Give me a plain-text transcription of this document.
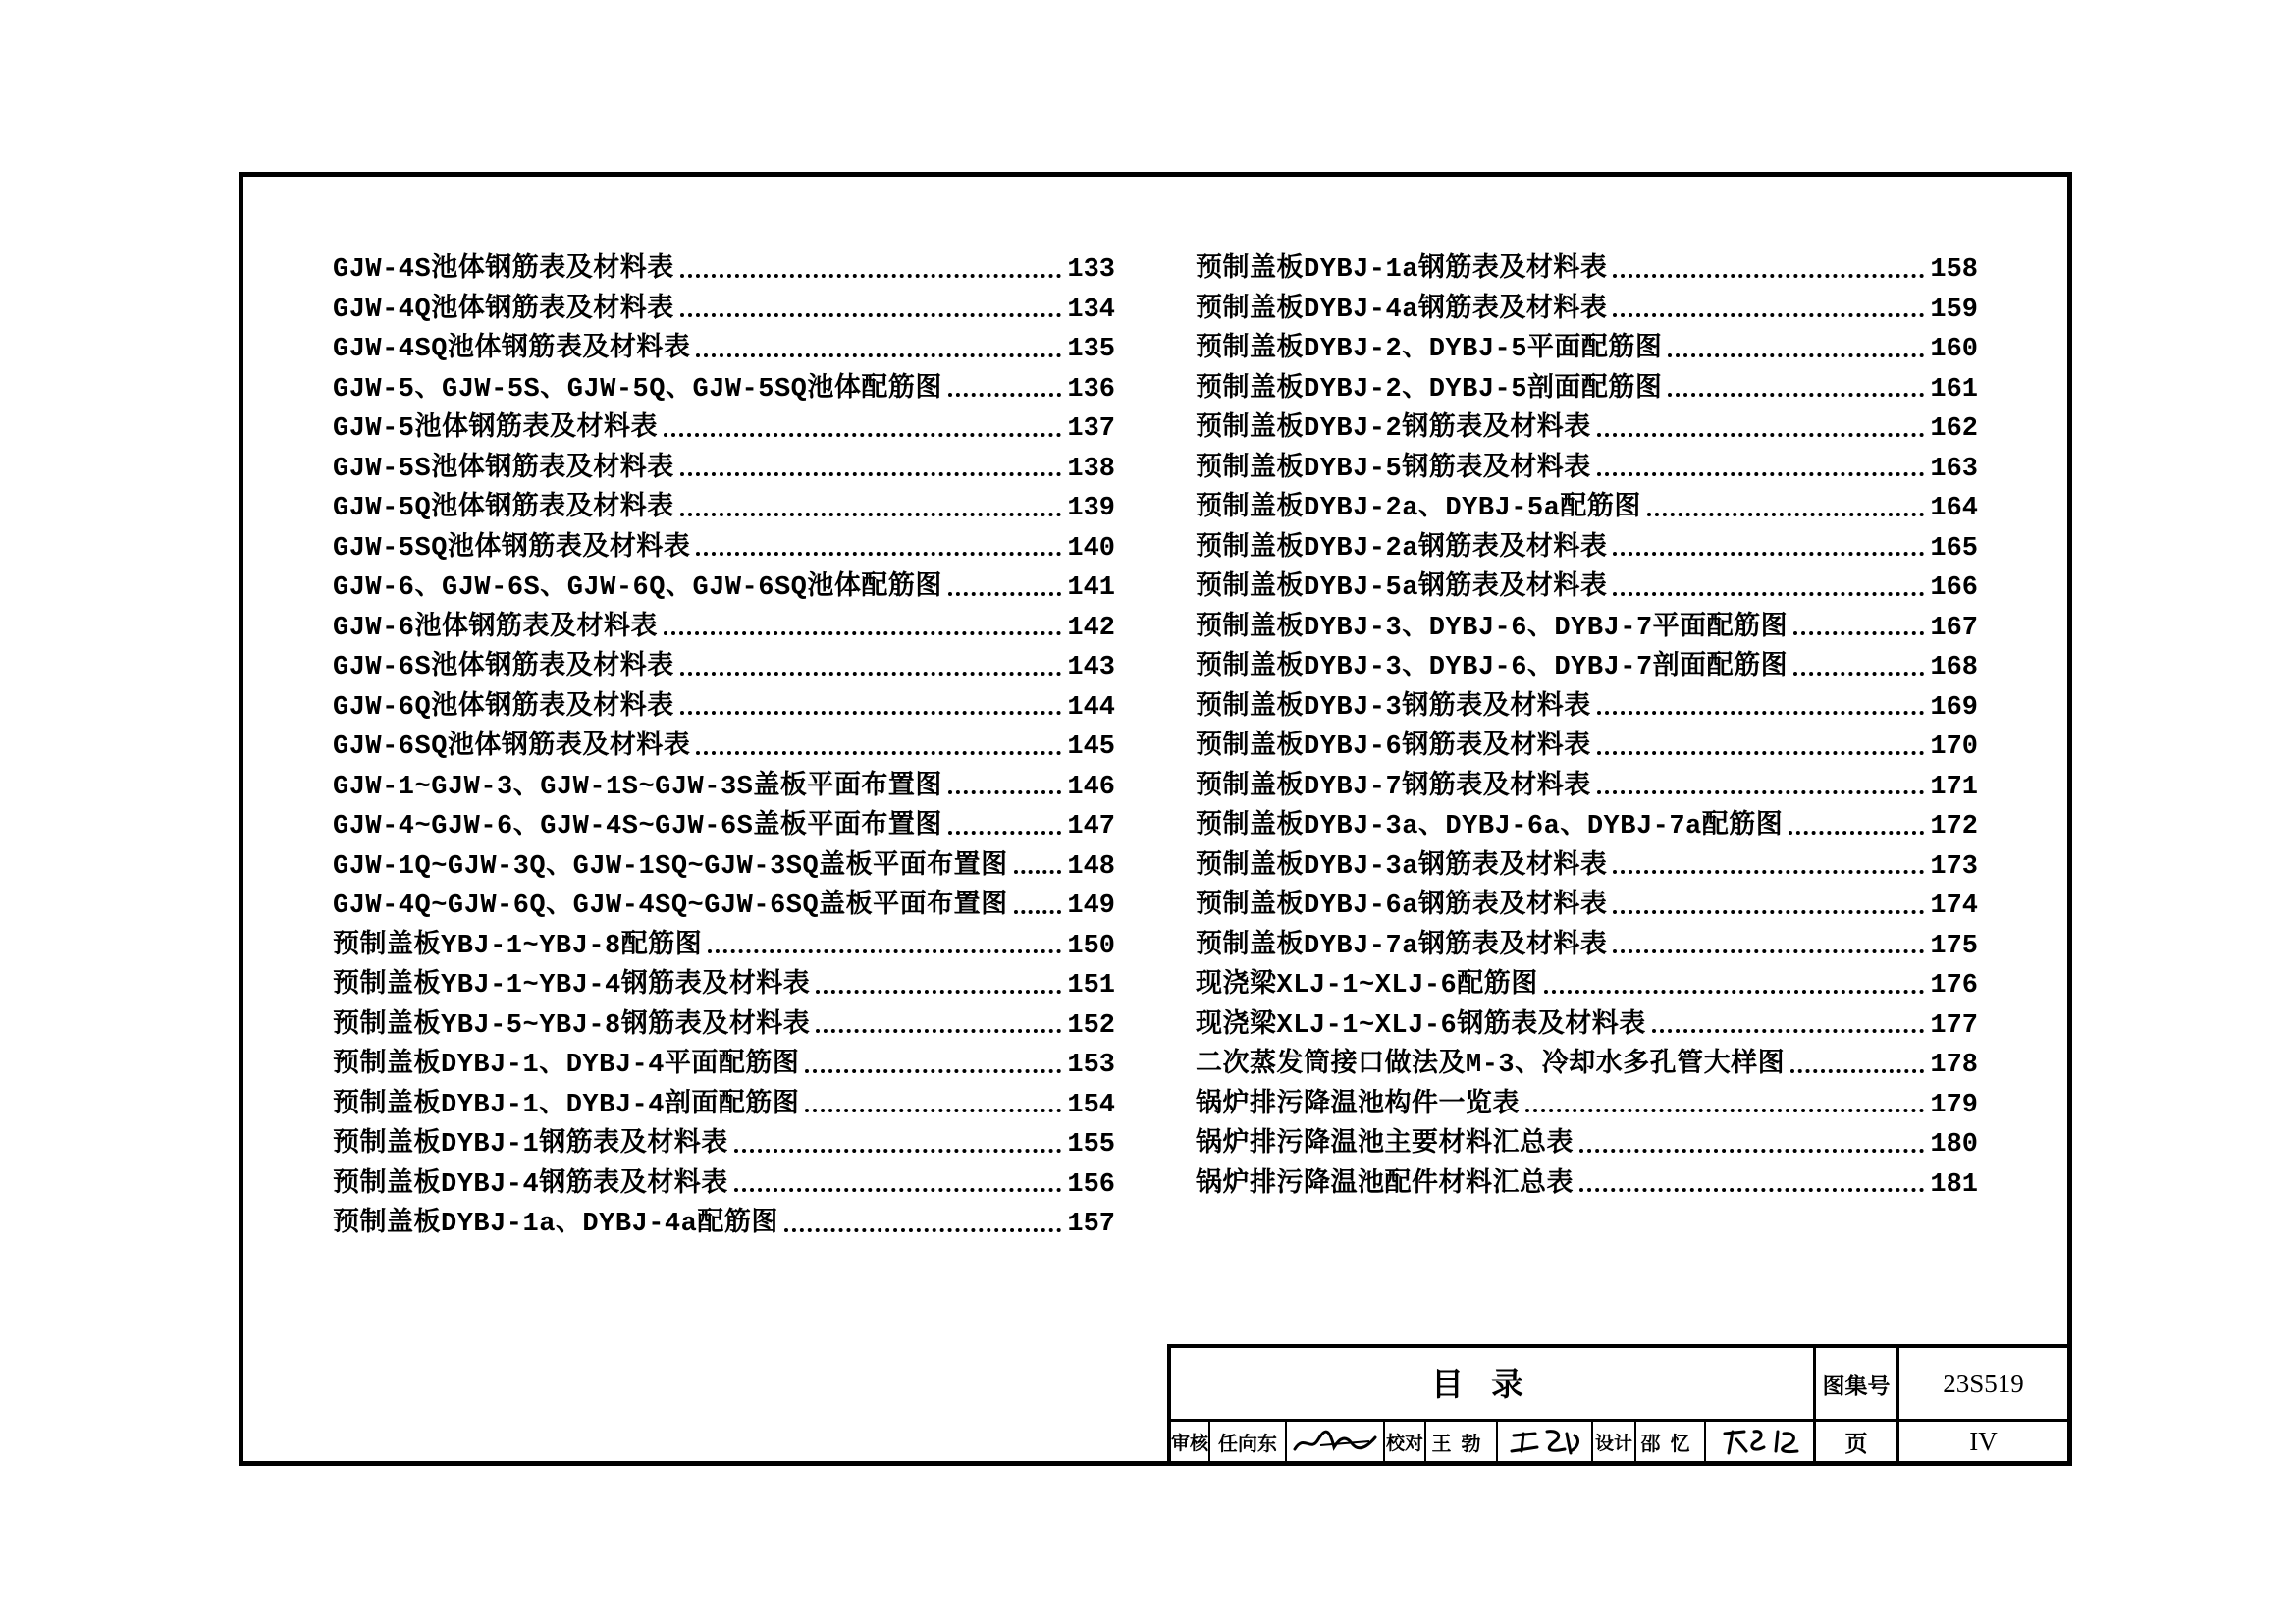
GJW-4S池体钢筋表及材料表	133
GJW-4Q池体钢筋表及材料表	134
GJW-4SQ池体钢筋表及材料表	135
GJW-5、GJW-5S、GJW-5Q、GJW-5SQ池体配筋图	136
GJW-5池体钢筋表及材料表	137
GJW-5S池体钢筋表及材料表	138
GJW-5Q池体钢筋表及材料表	139
GJW-5SQ池体钢筋表及材料表	140
GJW-6、GJW-6S、GJW-6Q、GJW-6SQ池体配筋图	141
GJW-6池体钢筋表及材料表	142
GJW-6S池体钢筋表及材料表	143
GJW-6Q池体钢筋表及材料表	144
GJW-6SQ池体钢筋表及材料表	145
GJW-1~GJW-3、GJW-1S~GJW-3S盖板平面布置图	146
GJW-4~GJW-6、GJW-4S~GJW-6S盖板平面布置图	147
GJW-1Q~GJW-3Q、GJW-1SQ~GJW-3SQ盖板平面布置图 148
GJW-4Q~GJW-6Q、GJW-4SQ~GJW-6SQ盖板平面布置图 149
预制盖板YBJ-1~YBJ-8配筋图	150
预制盖板YBJ-1~YBJ-4钢筋表及材料表	151
预制盖板YBJ-5~YBJ-8钢筋表及材料表	152
预制盖板DYBJ-1、DYBJ-4平面配筋图	153
预制盖板DYBJ-1、DYBJ-4剖面配筋图	154
预制盖板DYBJ-1钢筋表及材料表	155
预制盖板DYBJ-4钢筋表及材料表	156
预制盖板DYBJ-1a、DYBJ-4a配筋图	157
预制盖板DYBJ-1a钢筋表及材料表	158
预制盖板DYBJ-4a钢筋表及材料表	159
预制盖板DYBJ-2、DYBJ-5平面配筋图	160
预制盖板DYBJ-2、DYBJ-5剖面配筋图	161
预制盖板DYBJ-2钢筋表及材料表	162
预制盖板DYBJ-5钢筋表及材料表	163
预制盖板DYBJ-2a、DYBJ-5a配筋图	164
预制盖板DYBJ-2a钢筋表及材料表	165
预制盖板DYBJ-5a钢筋表及材料表	166
预制盖板DYBJ-3、DYBJ-6、DYBJ-7平面配筋图	167
预制盖板DYBJ-3、DYBJ-6、DYBJ-7剖面配筋图	168
预制盖板DYBJ-3钢筋表及材料表	169
预制盖板DYBJ-6钢筋表及材料表	170
预制盖板DYBJ-7钢筋表及材料表	171
预制盖板DYBJ-3a、DYBJ-6a、DYBJ-7a配筋图	172
预制盖板DYBJ-3a钢筋表及材料表	173
预制盖板DYBJ-6a钢筋表及材料表	174
预制盖板DYBJ-7a钢筋表及材料表	175
现浇梁XLJ-1~XLJ-6配筋图	176
现浇梁XLJ-1~XLJ-6钢筋表及材料表	177
二次蒸发筒接口做法及M-3、冷却水多孔管大样图	178
锅炉排污降温池构件一览表	179
锅炉排污降温池主要材料汇总表	180
锅炉排污降温池配件材料汇总表	181
目录	图集号	23S519
审核 任向东	校对 王勃	设计 邵忆	页	IV
